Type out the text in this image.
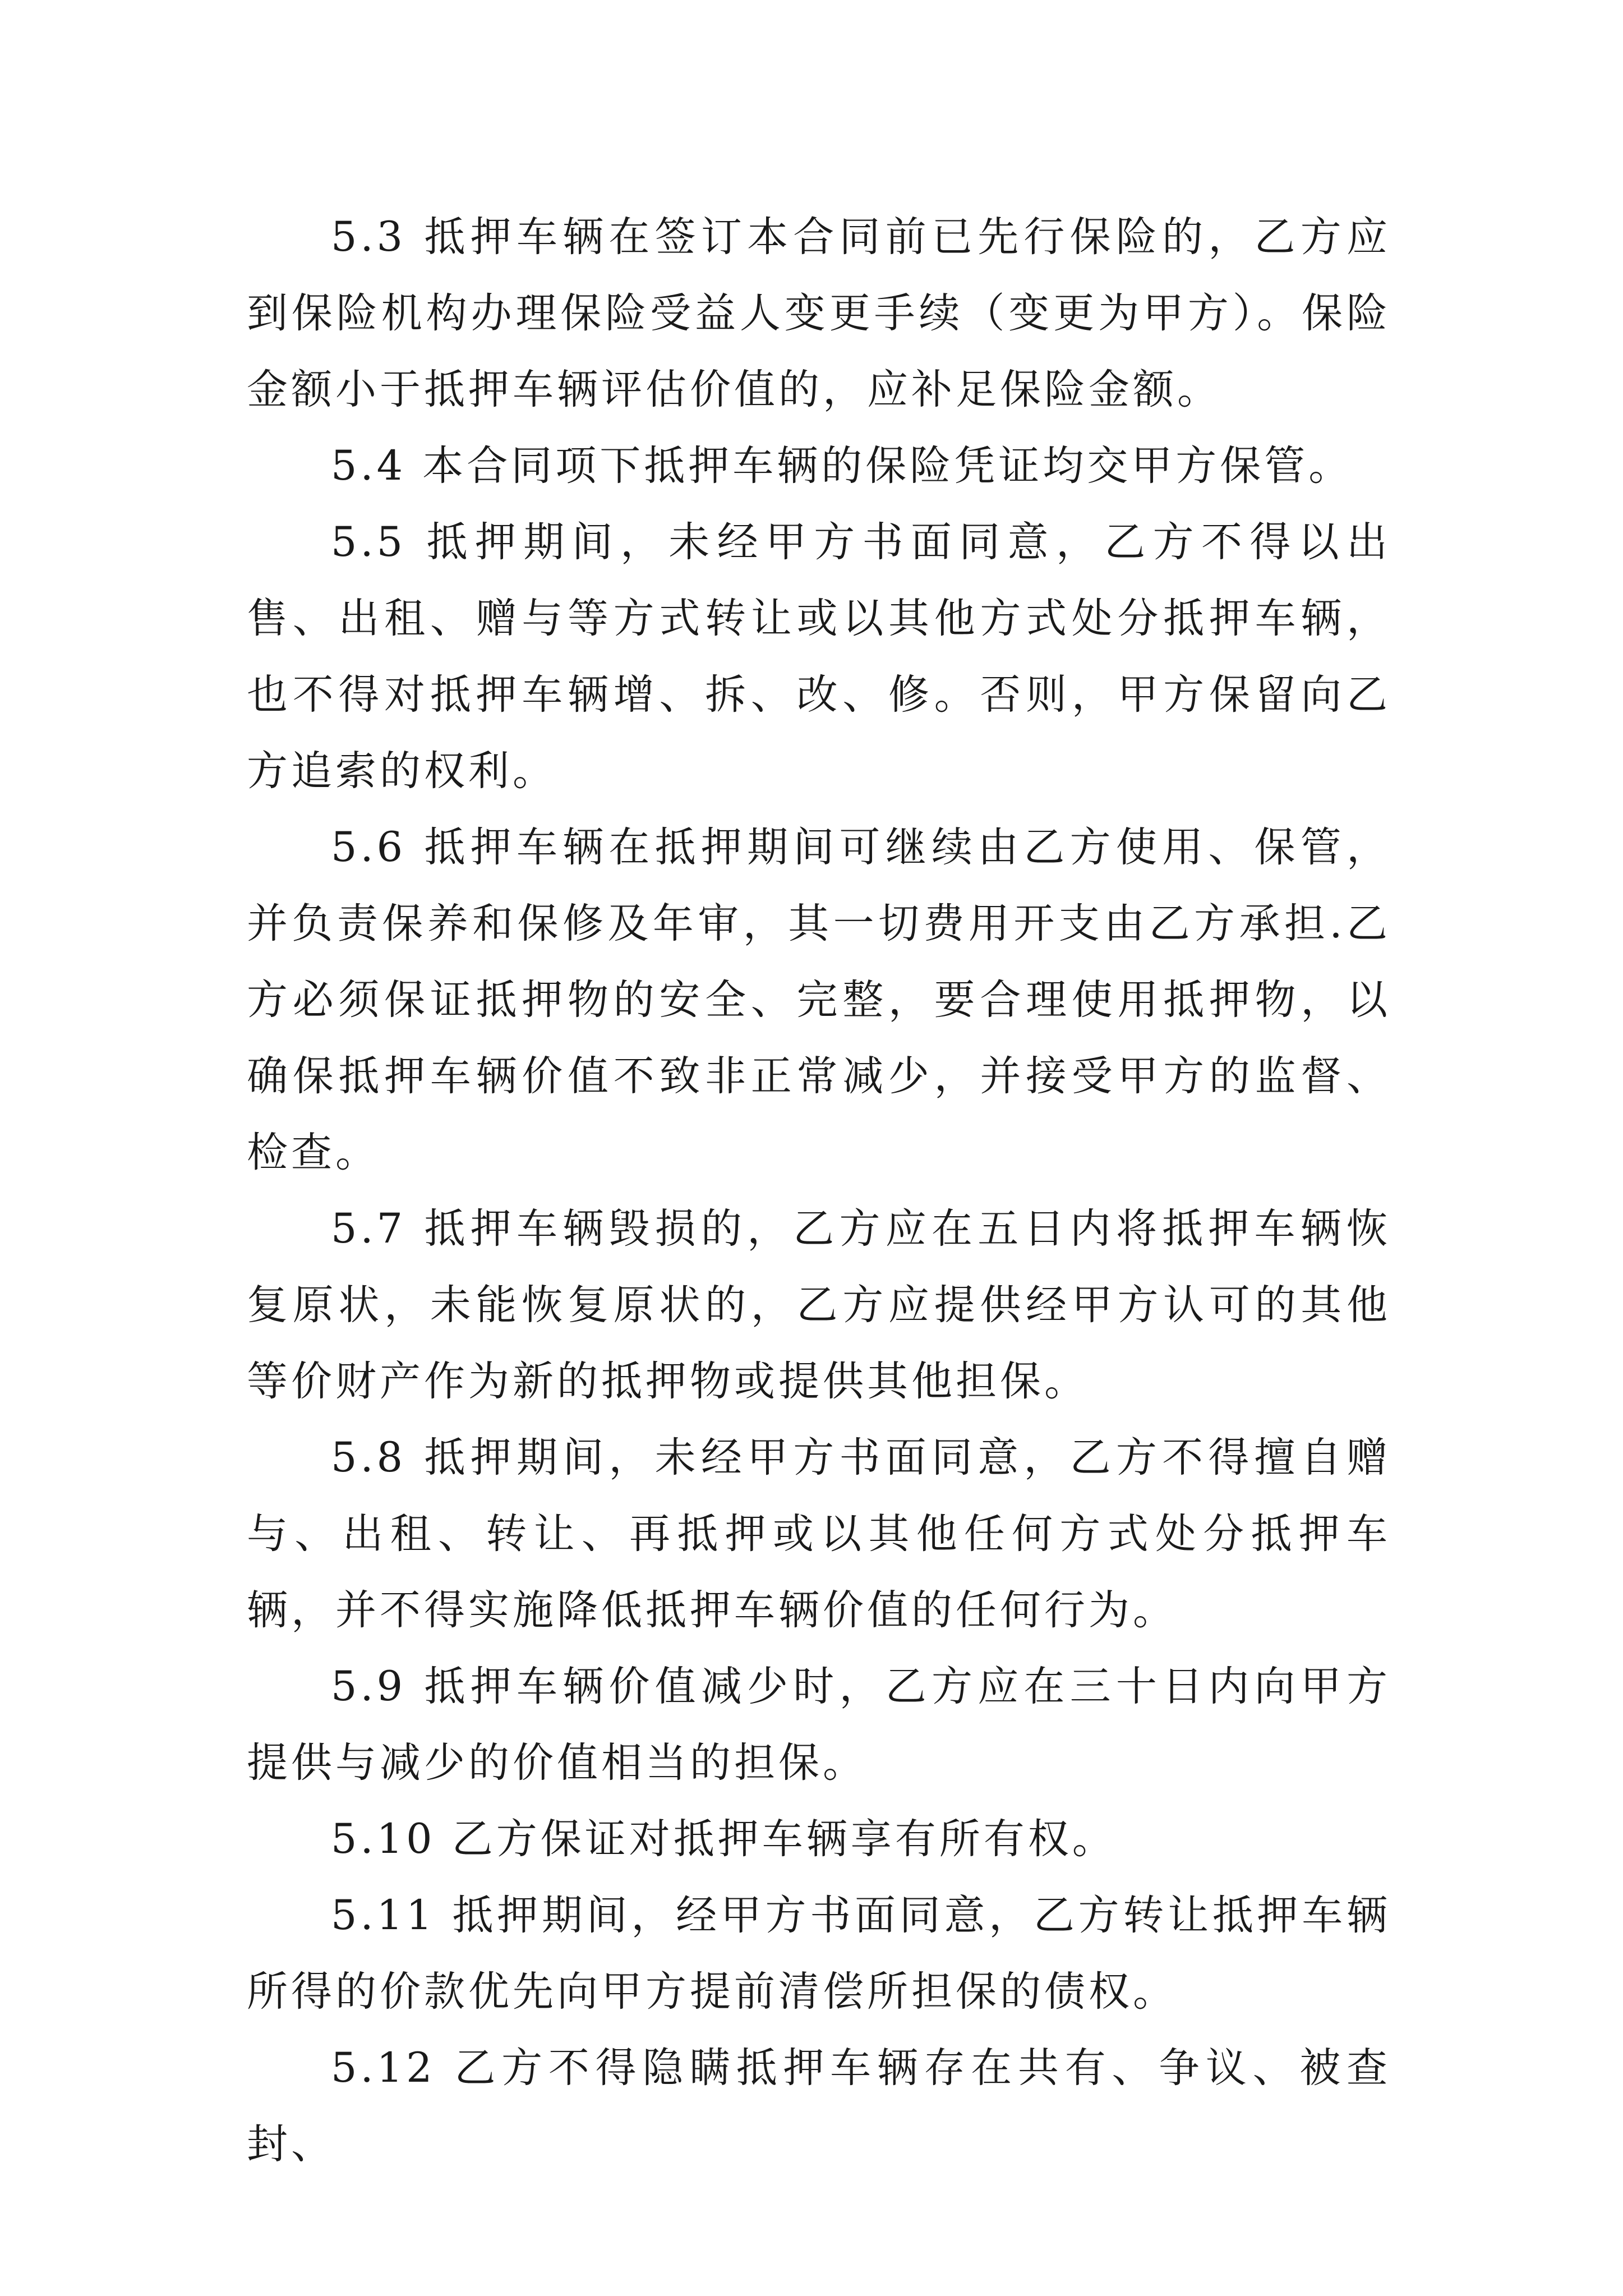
5.3 抵押车辆在签订本合同前已先行保险的，乙方应到保险机构办理保险受益人变更手续（变更为甲方）。保险金额小于抵押车辆评估价值的，应补足保险金额。

5.4 本合同项下抵押车辆的保险凭证均交甲方保管。

5.5 抵押期间，未经甲方书面同意，乙方不得以出售、出租、赠与等方式转让或以其他方式处分抵押车辆，也不得对抵押车辆增、拆、改、修。否则，甲方保留向乙方追索的权利。

5.6 抵押车辆在抵押期间可继续由乙方使用、保管，并负责保养和保修及年审，其一切费用开支由乙方承担.乙方必须保证抵押物的安全、完整，要合理使用抵押物，以确保抵押车辆价值不致非正常减少，并接受甲方的监督、检查。

5.7 抵押车辆毁损的，乙方应在五日内将抵押车辆恢复原状，未能恢复原状的，乙方应提供经甲方认可的其他等价财产作为新的抵押物或提供其他担保。

5.8 抵押期间，未经甲方书面同意，乙方不得擅自赠与、出租、转让、再抵押或以其他任何方式处分抵押车辆，并不得实施降低抵押车辆价值的任何行为。

5.9 抵押车辆价值减少时，乙方应在三十日内向甲方提供与减少的价值相当的担保。

5.10 乙方保证对抵押车辆享有所有权。

5.11 抵押期间，经甲方书面同意，乙方转让抵押车辆所得的价款优先向甲方提前清偿所担保的债权。

5.12 乙方不得隐瞒抵押车辆存在共有、争议、被查封、
